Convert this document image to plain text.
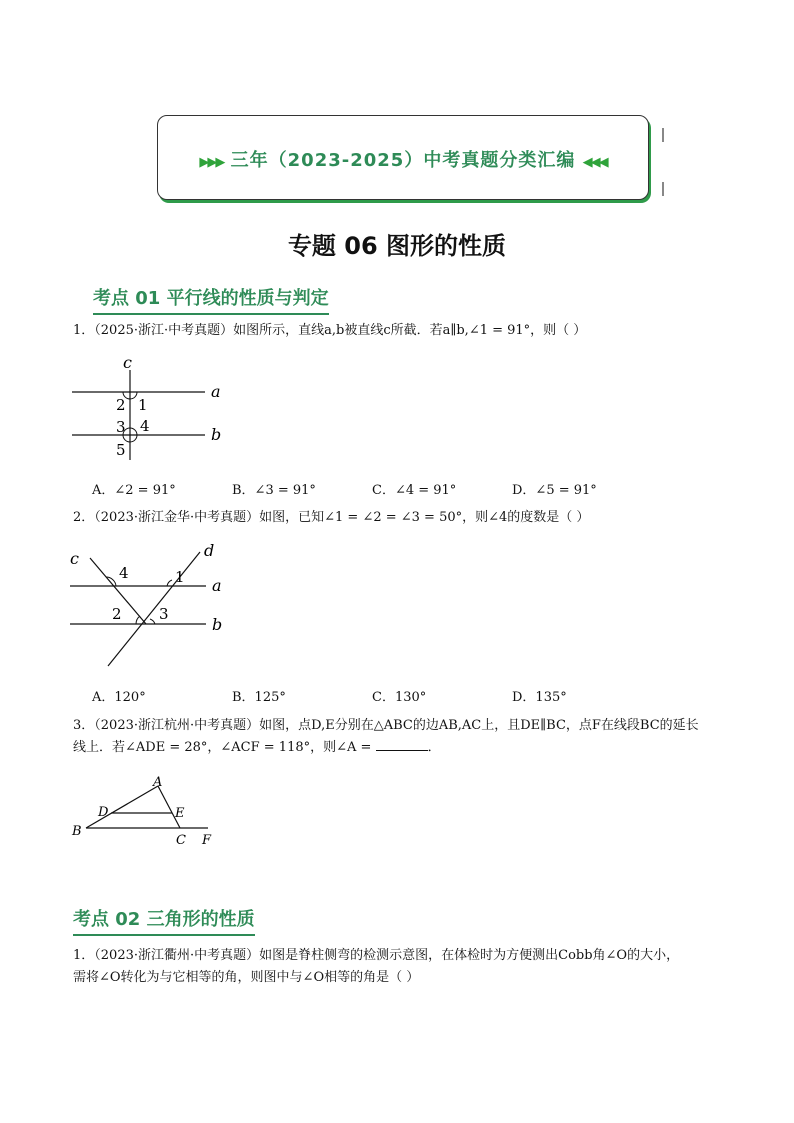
▶▶▶ 三年（2023-2025）中考真题分类汇编 ◀◀◀
专题 06 图形的性质
考点 01 平行线的性质与判定
1．（2025·浙江·中考真题）如图所示，直线a,b被直线c所截．若a∥b,∠1 = 91°，则（ ）
c
a
b
2 1
3 4
5
A．∠2 = 91°	B．∠3 = 91°	C．∠4 = 91°	D．∠5 = 91°
2．（2023·浙江金华·中考真题）如图，已知∠1 = ∠2 = ∠3 = 50°，则∠4的度数是（ ）
c	d
a
b
1
4
2 3
A．120°	B．125°	C．130°	D．135°
3．（2023·浙江杭州·中考真题）如图，点D,E分别在△ABC的边AB,AC上，且DE∥BC，点F在线段BC的延长
线上．若∠ADE = 28°，∠ACF = 118°，则∠A =	．
A
B
C
D	E
F
考点 02 三角形的性质
1．（2023·浙江衢州·中考真题）如图是脊柱侧弯的检测示意图，在体检时为方便测出Cobb角∠O的大小，
需将∠O转化为与它相等的角，则图中与∠O相等的角是（ ）
